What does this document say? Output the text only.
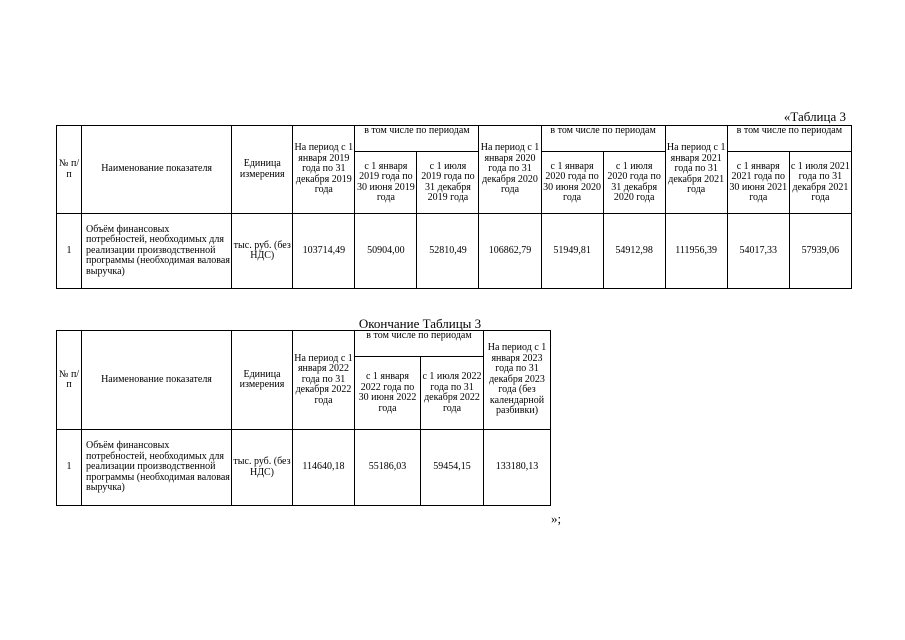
«Таблица 3
№ п/п	Наименование показателя	Единица измерения	На период с 1 января 2019 года по 31 декабря 2019 года	в том числе по периодам		На период с 1 января 2020 года по 31 декабря 2020 года	в том числе по периодам		На период с 1 января 2021 года по 31 декабря 2021 года	в том числе по периодам	
				с 1 января 2019 года по 30 июня 2019 года	с 1 июля 2019 года по 31 декабря 2019 года		с 1 января 2020 года по 30 июня 2020 года	с 1 июля 2020 года по 31 декабря 2020 года		с 1 января 2021 года по 30 июня 2021 года	с 1 июля 2021 года по 31 декабря 2021 года
1	Объём финансовых потребностей, необходимых для реализации производственной программы (необходимая валовая выручка)	тыс. руб. (без НДС)	103714,49	50904,00	52810,49	106862,79	51949,81	54912,98	111956,39	54017,33	57939,06
Окончание Таблицы 3
№ п/ п	Наименование показателя	Единица измерения	На период с 1 января 2022 года по 31 декабря 2022 года	в том числе по периодам		На период с 1 января 2023 года по 31 декабря 2023 года (без календарной разбивки)
				с 1 января 2022 года по 30 июня 2022 года	с 1 июля 2022 года по 31 декабря 2022 года	
1	Объём финансовых потребностей, необходимых для реализации производственной программы (необходимая валовая выручка)	тыс. руб. (без НДС)	114640,18	55186,03	59454,15	133180,13
»;
